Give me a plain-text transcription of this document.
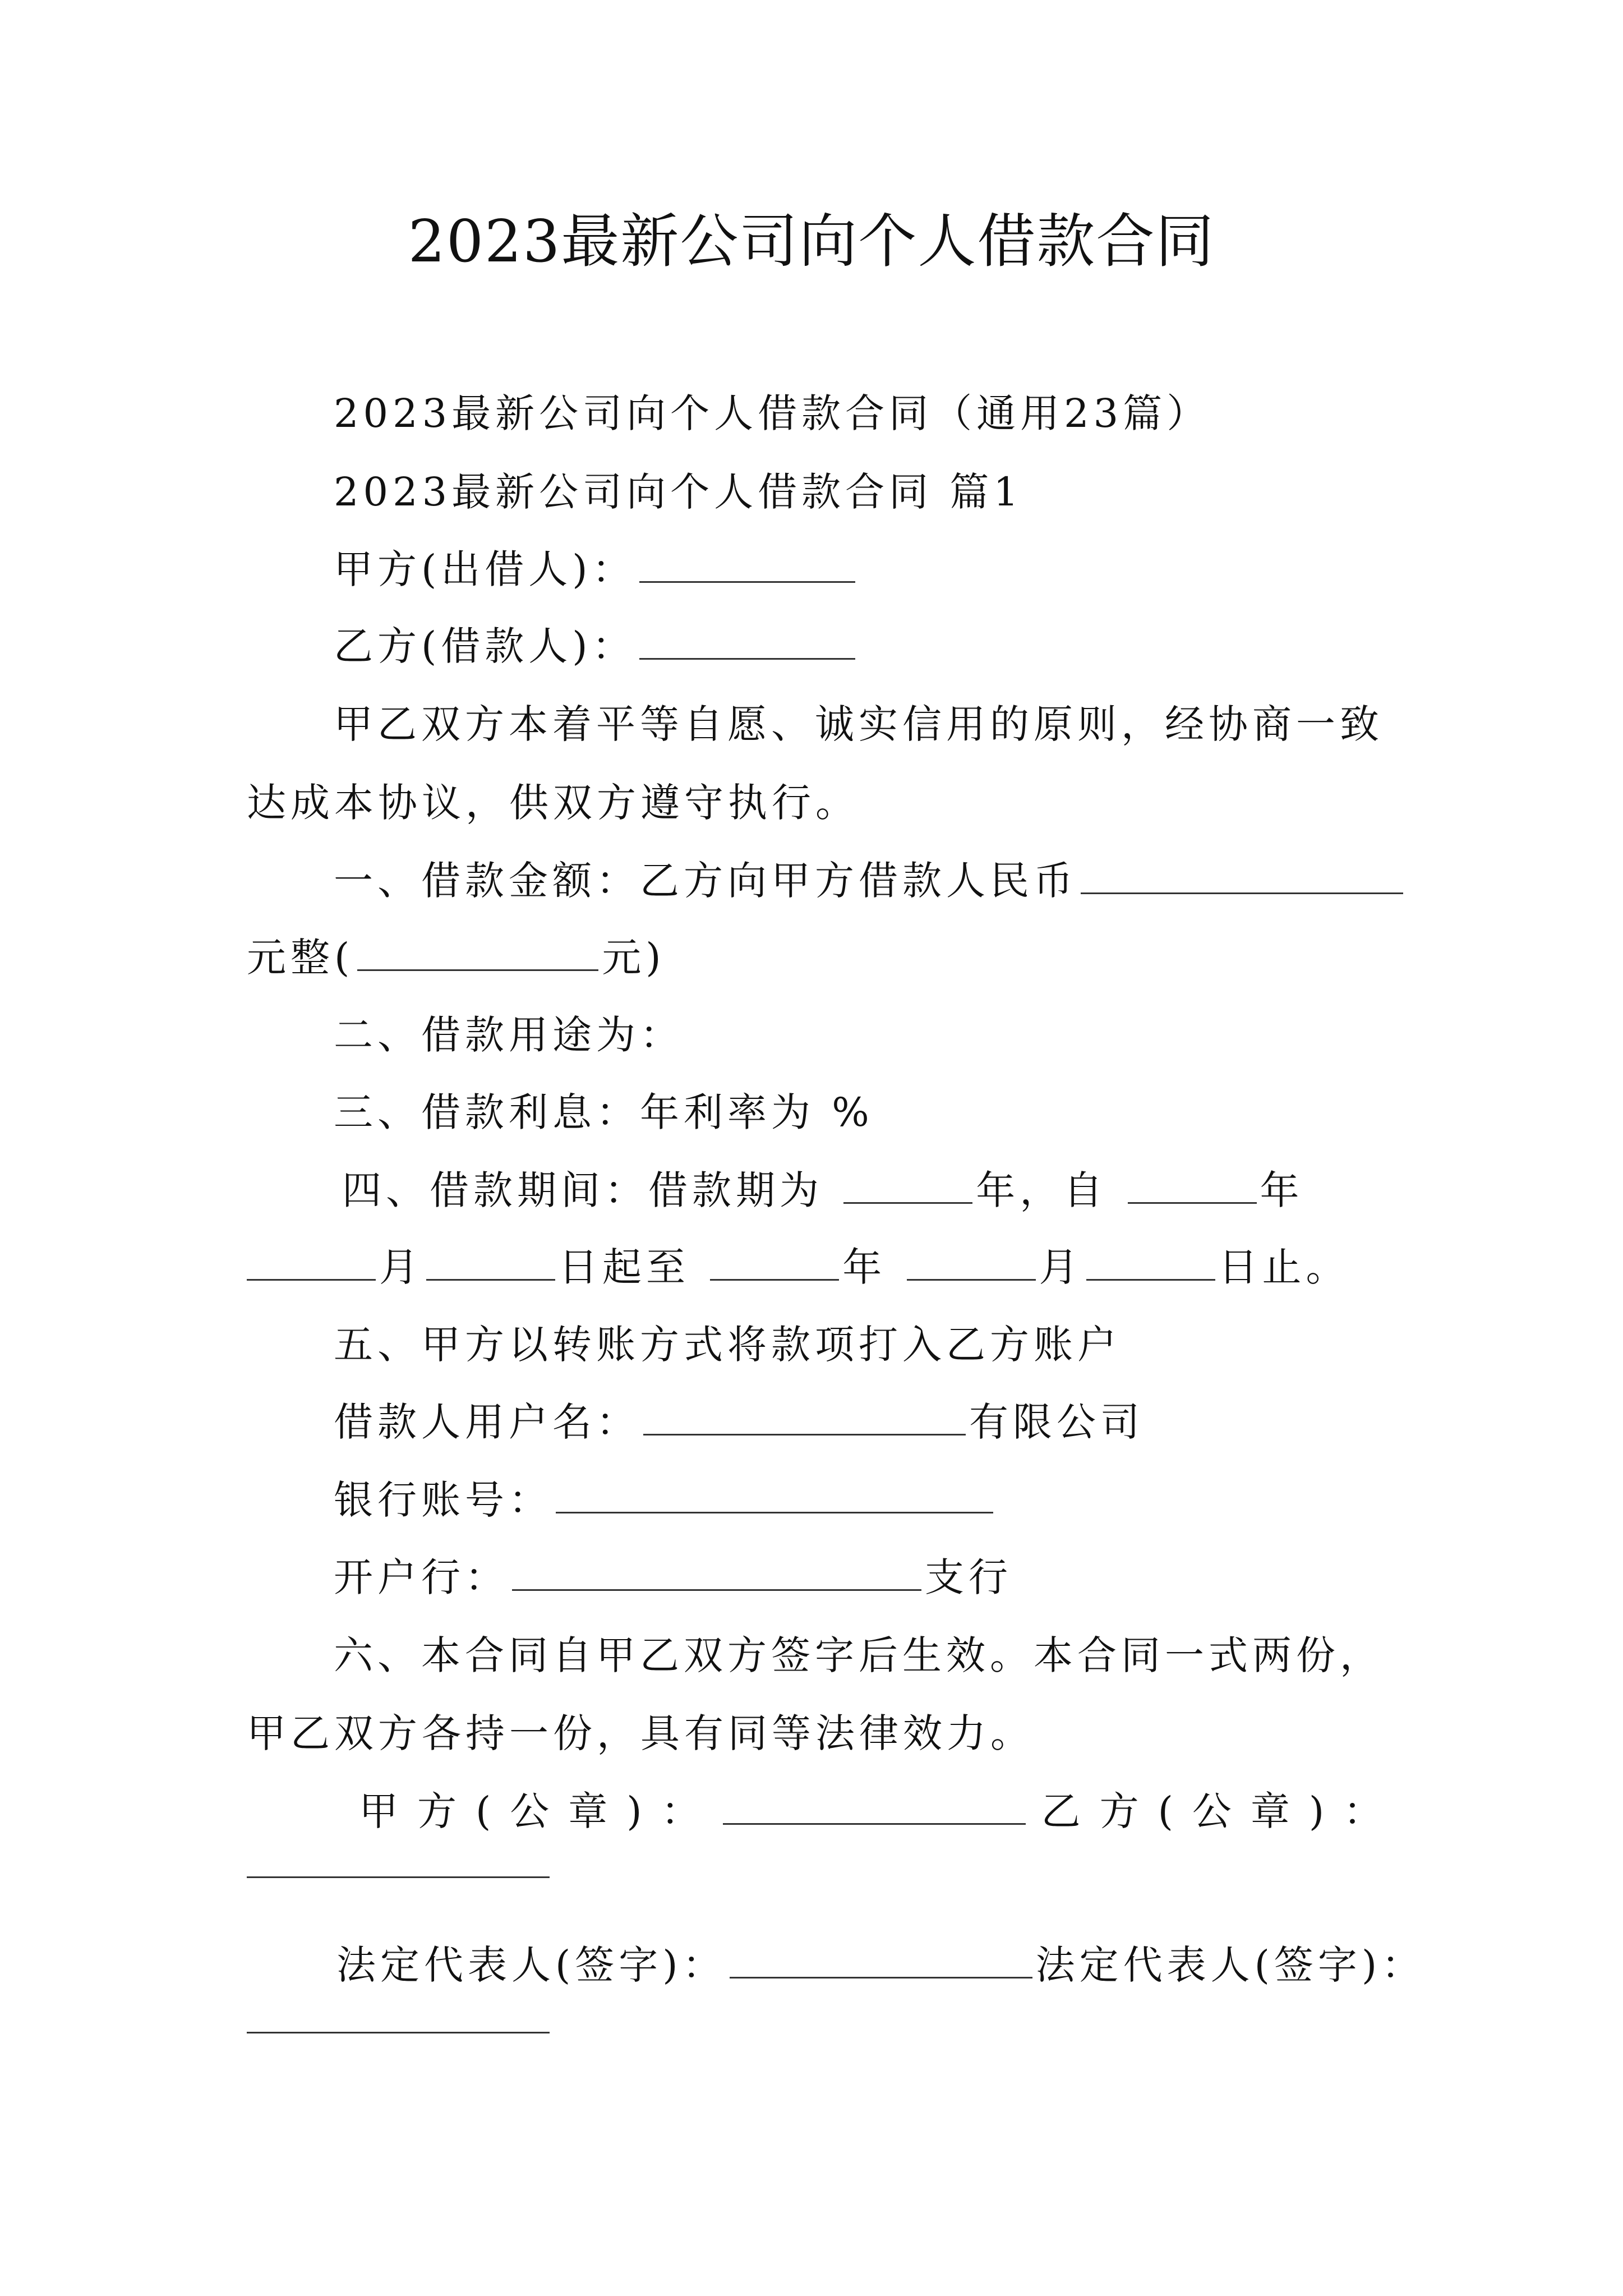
2023最新公司向个人借款合同
2023最新公司向个人借款合同（通用23篇）
2023最新公司向个人借款合同 篇1
甲方(出借人)：
乙方(借款人)：
甲乙双方本着平等自愿、诚实信用的原则，经协商一致
达成本协议，供双方遵守执行。
一、借款金额：乙方向甲方借款人民币
元整(	元)
二、借款用途为：
三、借款利息：年利率为 %
四、借款期间：借款期为	年，自	年
月	日起至	年	月	日止。
五、甲方以转账方式将款项打入乙方账户
借款人用户名：	有限公司
银行账号：
开户行：	支行
六、本合同自甲乙双方签字后生效。本合同一式两份，
甲乙双方各持一份，具有同等法律效力。
甲方(公章)：	乙方(公章)：
法定代表人(签字)：	法定代表人(签字)：
